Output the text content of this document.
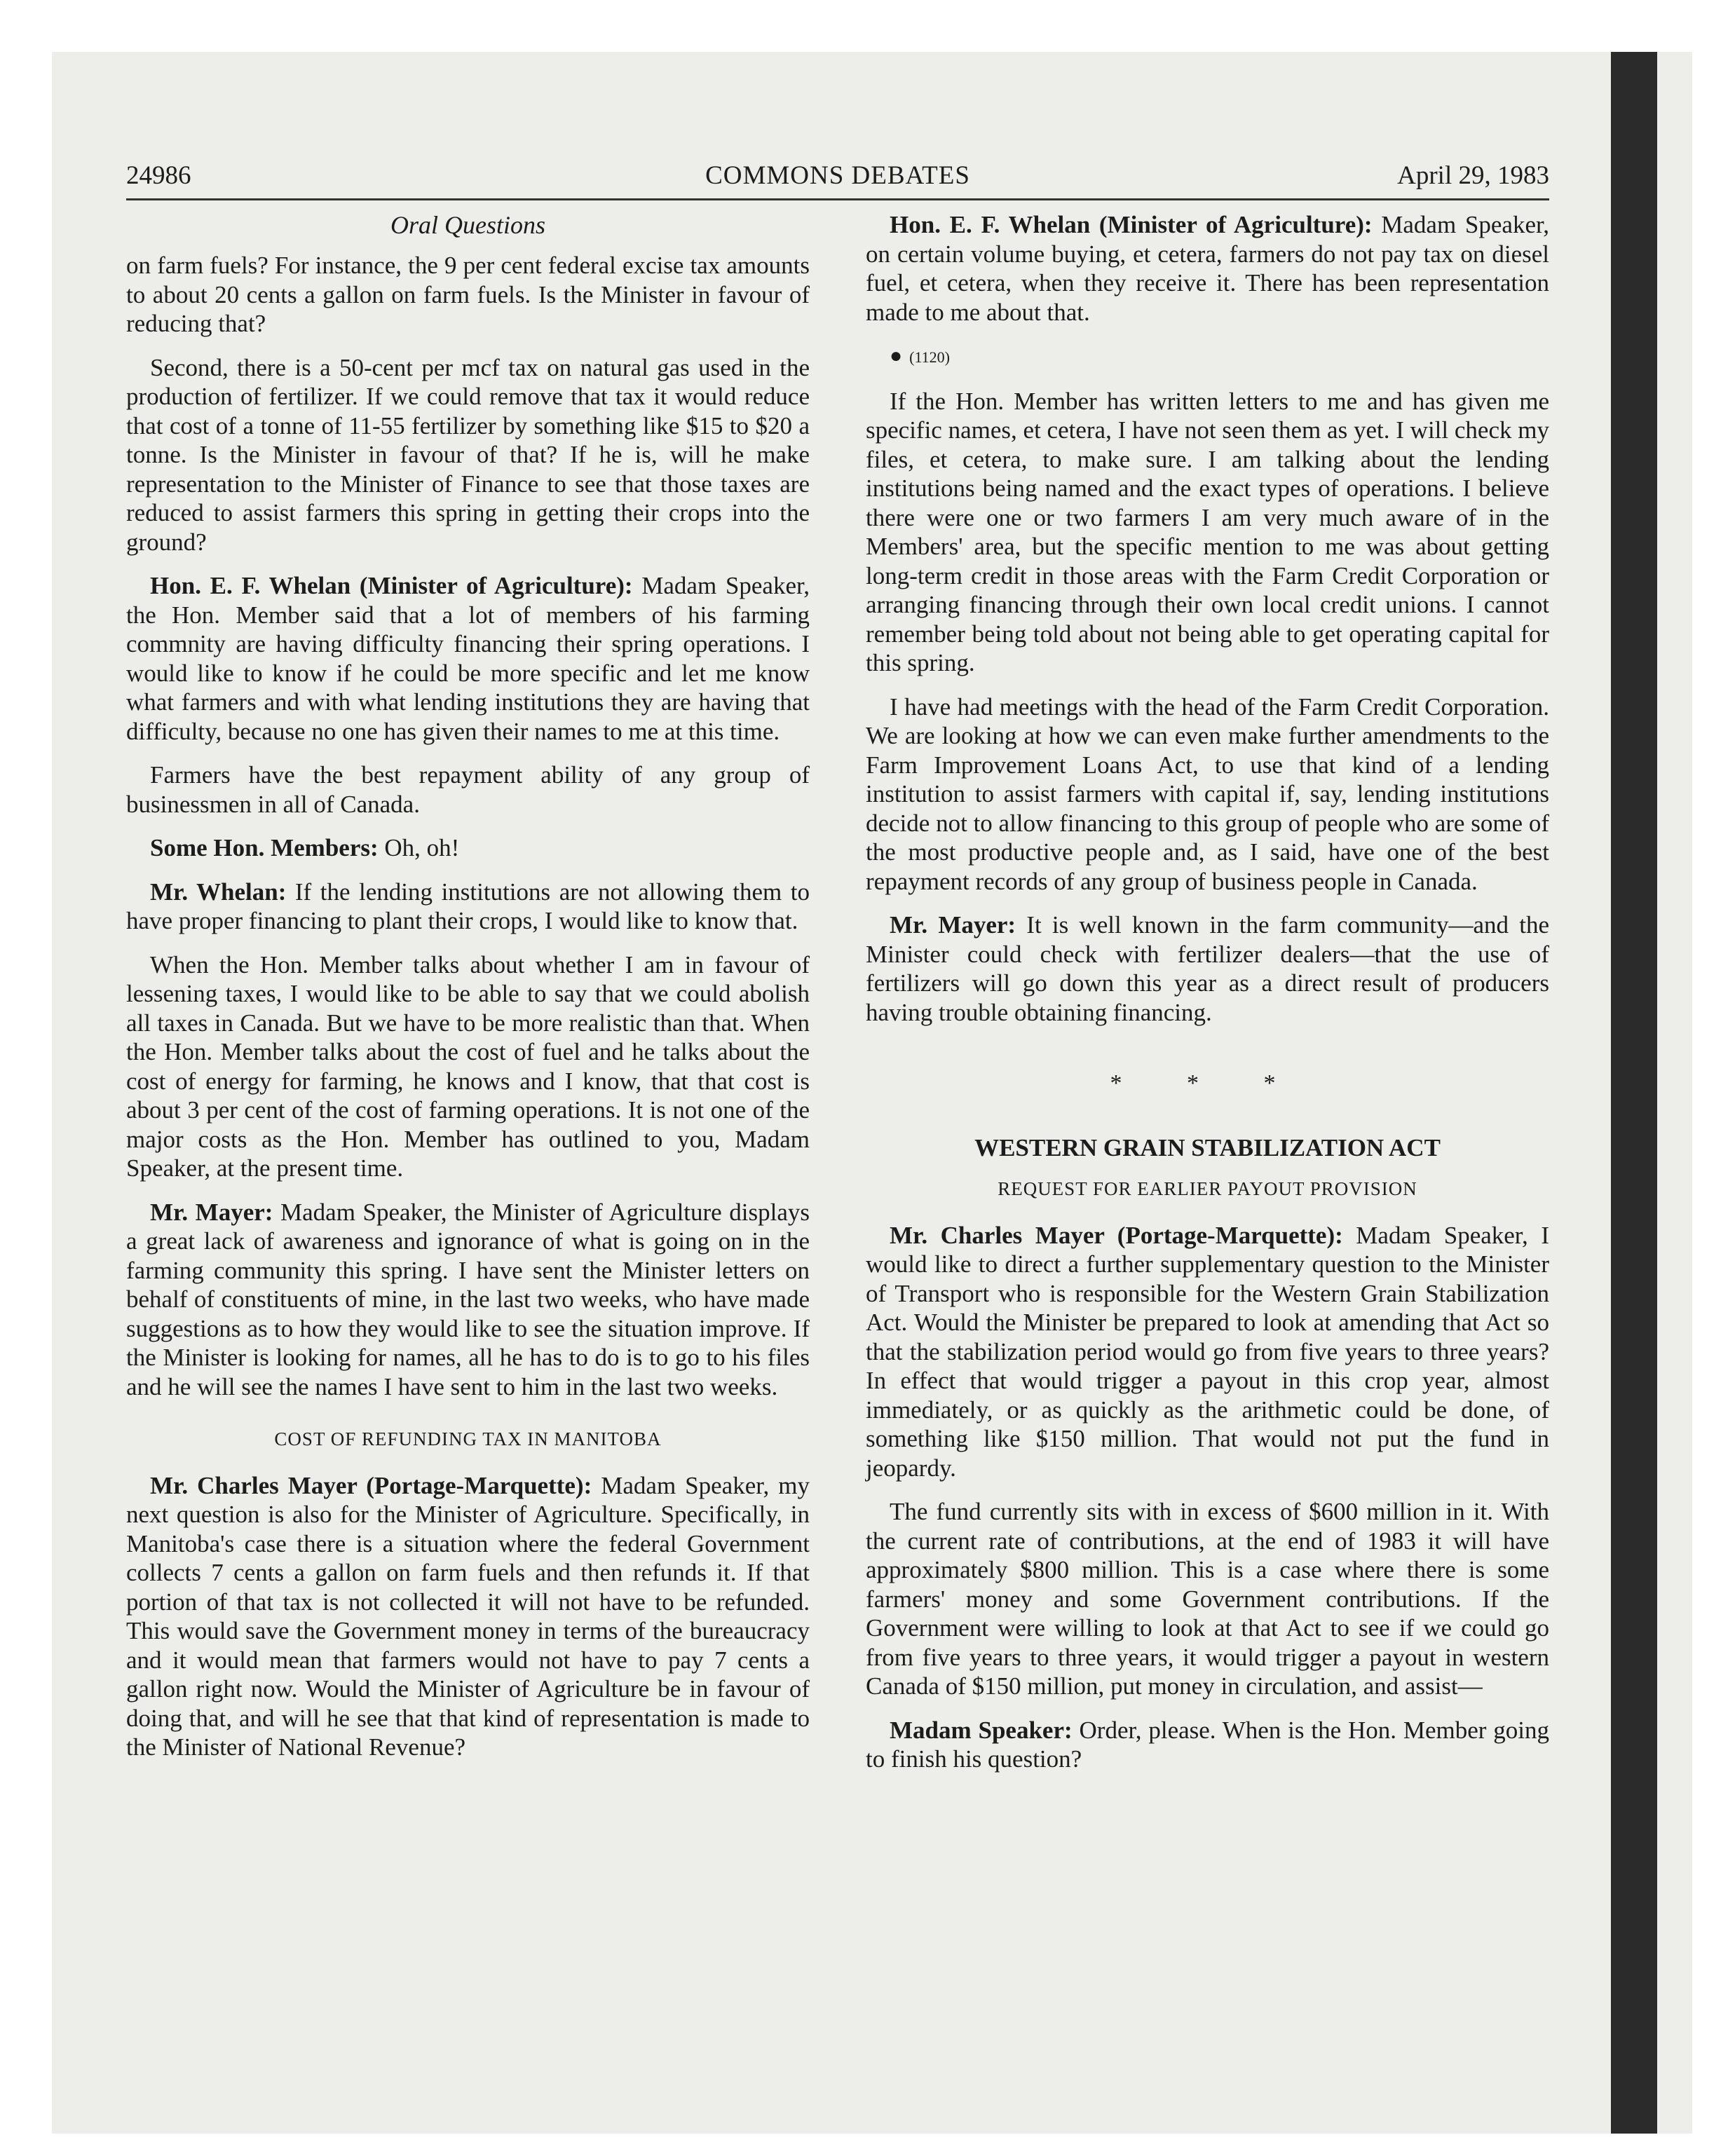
24986	COMMONS DEBATES	April 29, 1983
Oral Questions

on farm fuels? For instance, the 9 per cent federal excise tax amounts to about 20 cents a gallon on farm fuels. Is the Minister in favour of reducing that?

Second, there is a 50-cent per mcf tax on natural gas used in the production of fertilizer. If we could remove that tax it would reduce that cost of a tonne of 11-55 fertilizer by something like $15 to $20 a tonne. Is the Minister in favour of that? If he is, will he make representation to the Minister of Finance to see that those taxes are reduced to assist farmers this spring in getting their crops into the ground?

Hon. E. F. Whelan (Minister of Agriculture): Madam Speaker, the Hon. Member said that a lot of members of his farming commnity are having difficulty financing their spring operations. I would like to know if he could be more specific and let me know what farmers and with what lending institutions they are having that difficulty, because no one has given their names to me at this time.

Farmers have the best repayment ability of any group of businessmen in all of Canada.

Some Hon. Members: Oh, oh!

Mr. Whelan: If the lending institutions are not allowing them to have proper financing to plant their crops, I would like to know that.

When the Hon. Member talks about whether I am in favour of lessening taxes, I would like to be able to say that we could abolish all taxes in Canada. But we have to be more realistic than that. When the Hon. Member talks about the cost of fuel and he talks about the cost of energy for farming, he knows and I know, that that cost is about 3 per cent of the cost of farming operations. It is not one of the major costs as the Hon. Member has outlined to you, Madam Speaker, at the present time.

Mr. Mayer: Madam Speaker, the Minister of Agriculture displays a great lack of awareness and ignorance of what is going on in the farming community this spring. I have sent the Minister letters on behalf of constituents of mine, in the last two weeks, who have made suggestions as to how they would like to see the situation improve. If the Minister is looking for names, all he has to do is to go to his files and he will see the names I have sent to him in the last two weeks.

COST OF REFUNDING TAX IN MANITOBA

Mr. Charles Mayer (Portage-Marquette): Madam Speaker, my next question is also for the Minister of Agriculture. Specifically, in Manitoba's case there is a situation where the federal Government collects 7 cents a gallon on farm fuels and then refunds it. If that portion of that tax is not collected it will not have to be refunded. This would save the Government money in terms of the bureaucracy and it would mean that farmers would not have to pay 7 cents a gallon right now. Would the Minister of Agriculture be in favour of doing that, and will he see that that kind of representation is made to the Minister of National Revenue?

Hon. E. F. Whelan (Minister of Agriculture): Madam Speaker, on certain volume buying, et cetera, farmers do not pay tax on diesel fuel, et cetera, when they receive it. There has been representation made to me about that.

● (1120)

If the Hon. Member has written letters to me and has given me specific names, et cetera, I have not seen them as yet. I will check my files, et cetera, to make sure. I am talking about the lending institutions being named and the exact types of operations. I believe there were one or two farmers I am very much aware of in the Members' area, but the specific mention to me was about getting long-term credit in those areas with the Farm Credit Corporation or arranging financing through their own local credit unions. I cannot remember being told about not being able to get operating capital for this spring.

I have had meetings with the head of the Farm Credit Corporation. We are looking at how we can even make further amendments to the Farm Improvement Loans Act, to use that kind of a lending institution to assist farmers with capital if, say, lending institutions decide not to allow financing to this group of people who are some of the most productive people and, as I said, have one of the best repayment records of any group of business people in Canada.

Mr. Mayer: It is well known in the farm community—and the Minister could check with fertilizer dealers—that the use of fertilizers will go down this year as a direct result of producers having trouble obtaining financing.

* * *
WESTERN GRAIN STABILIZATION ACT
REQUEST FOR EARLIER PAYOUT PROVISION

Mr. Charles Mayer (Portage-Marquette): Madam Speaker, I would like to direct a further supplementary question to the Minister of Transport who is responsible for the Western Grain Stabilization Act. Would the Minister be prepared to look at amending that Act so that the stabilization period would go from five years to three years? In effect that would trigger a payout in this crop year, almost immediately, or as quickly as the arithmetic could be done, of something like $150 million. That would not put the fund in jeopardy.

The fund currently sits with in excess of $600 million in it. With the current rate of contributions, at the end of 1983 it will have approximately $800 million. This is a case where there is some farmers' money and some Government contributions. If the Government were willing to look at that Act to see if we could go from five years to three years, it would trigger a payout in western Canada of $150 million, put money in circulation, and assist—

Madam Speaker: Order, please. When is the Hon. Member going to finish his question?
